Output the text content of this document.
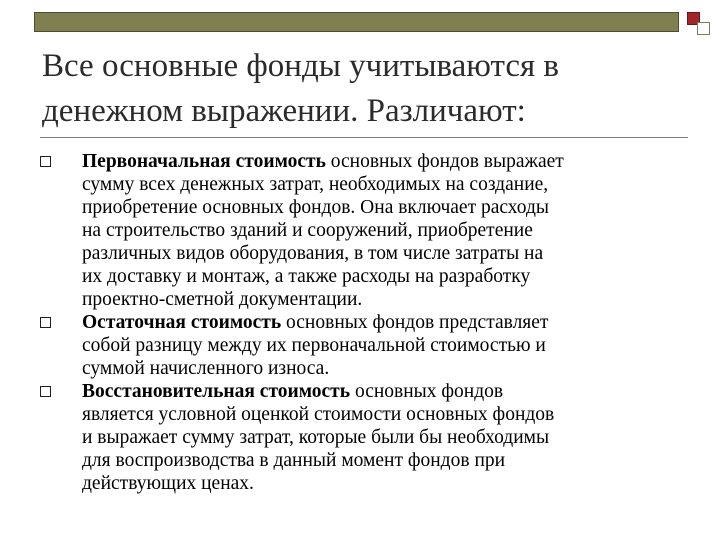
Все основные фонды учитываются в
денежном выражении. Различают:
Первоначальная стоимость основных фондов выражает
сумму всех денежных затрат, необходимых на создание,
приобретение основных фондов. Она включает расходы
на строительство зданий и сооружений, приобретение
различных видов оборудования, в том числе затраты на
их доставку и монтаж, а также расходы на разработку
проектно-сметной документации.
Остаточная стоимость основных фондов представляет
собой разницу между их первоначальной стоимостью и
суммой начисленного износа.
Восстановительная стоимость основных фондов
является условной оценкой стоимости основных фондов
и выражает сумму затрат, которые были бы необходимы
для воспроизводства в данный момент фондов при
действующих ценах.
